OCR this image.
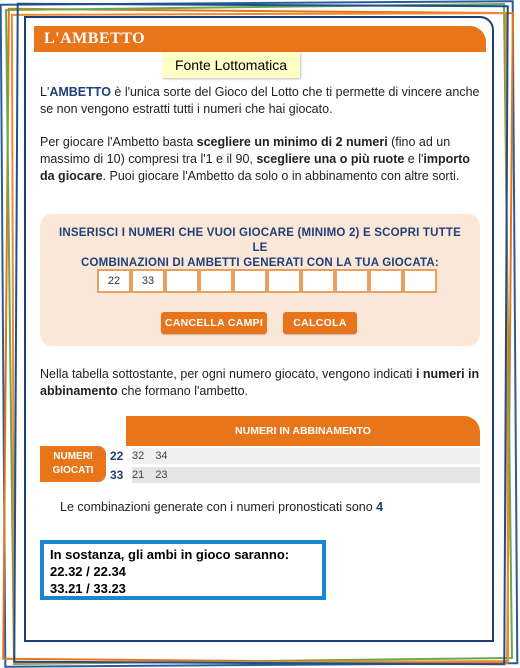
L'AMBETTO
Fonte Lottomatica
L'AMBETTO è l'unica sorte del Gioco del Lotto che ti permette di vincere anche se non vengono estratti tutti i numeri che hai giocato.
Per giocare l'Ambetto basta scegliere un minimo di 2 numeri (fino ad un massimo di 10) compresi tra l'1 e il 90, scegliere una o più ruote e l'importo da giocare. Puoi giocare l'Ambetto da solo o in abbinamento con altre sorti.
INSERISCI I NUMERI CHE VUOI GIOCARE (MINIMO 2) E SCOPRI TUTTE LE
COMBINAZIONI DI AMBETTI GENERATI CON LA TUA GIOCATA:
22
33
CANCELLA CAMPI	CALCOLA
Nella tabella sottostante, per ogni numero giocato, vengono indicati i numeri in abbinamento che formano l'ambetto.
NUMERI IN ABBINAMENTO
NUMERI
GIOCATI
22 32 34
33 21 23
Le combinazioni generate con i numeri pronosticati sono 4
In sostanza, gli ambi in gioco saranno:
22.32 / 22.34
33.21 / 33.23
